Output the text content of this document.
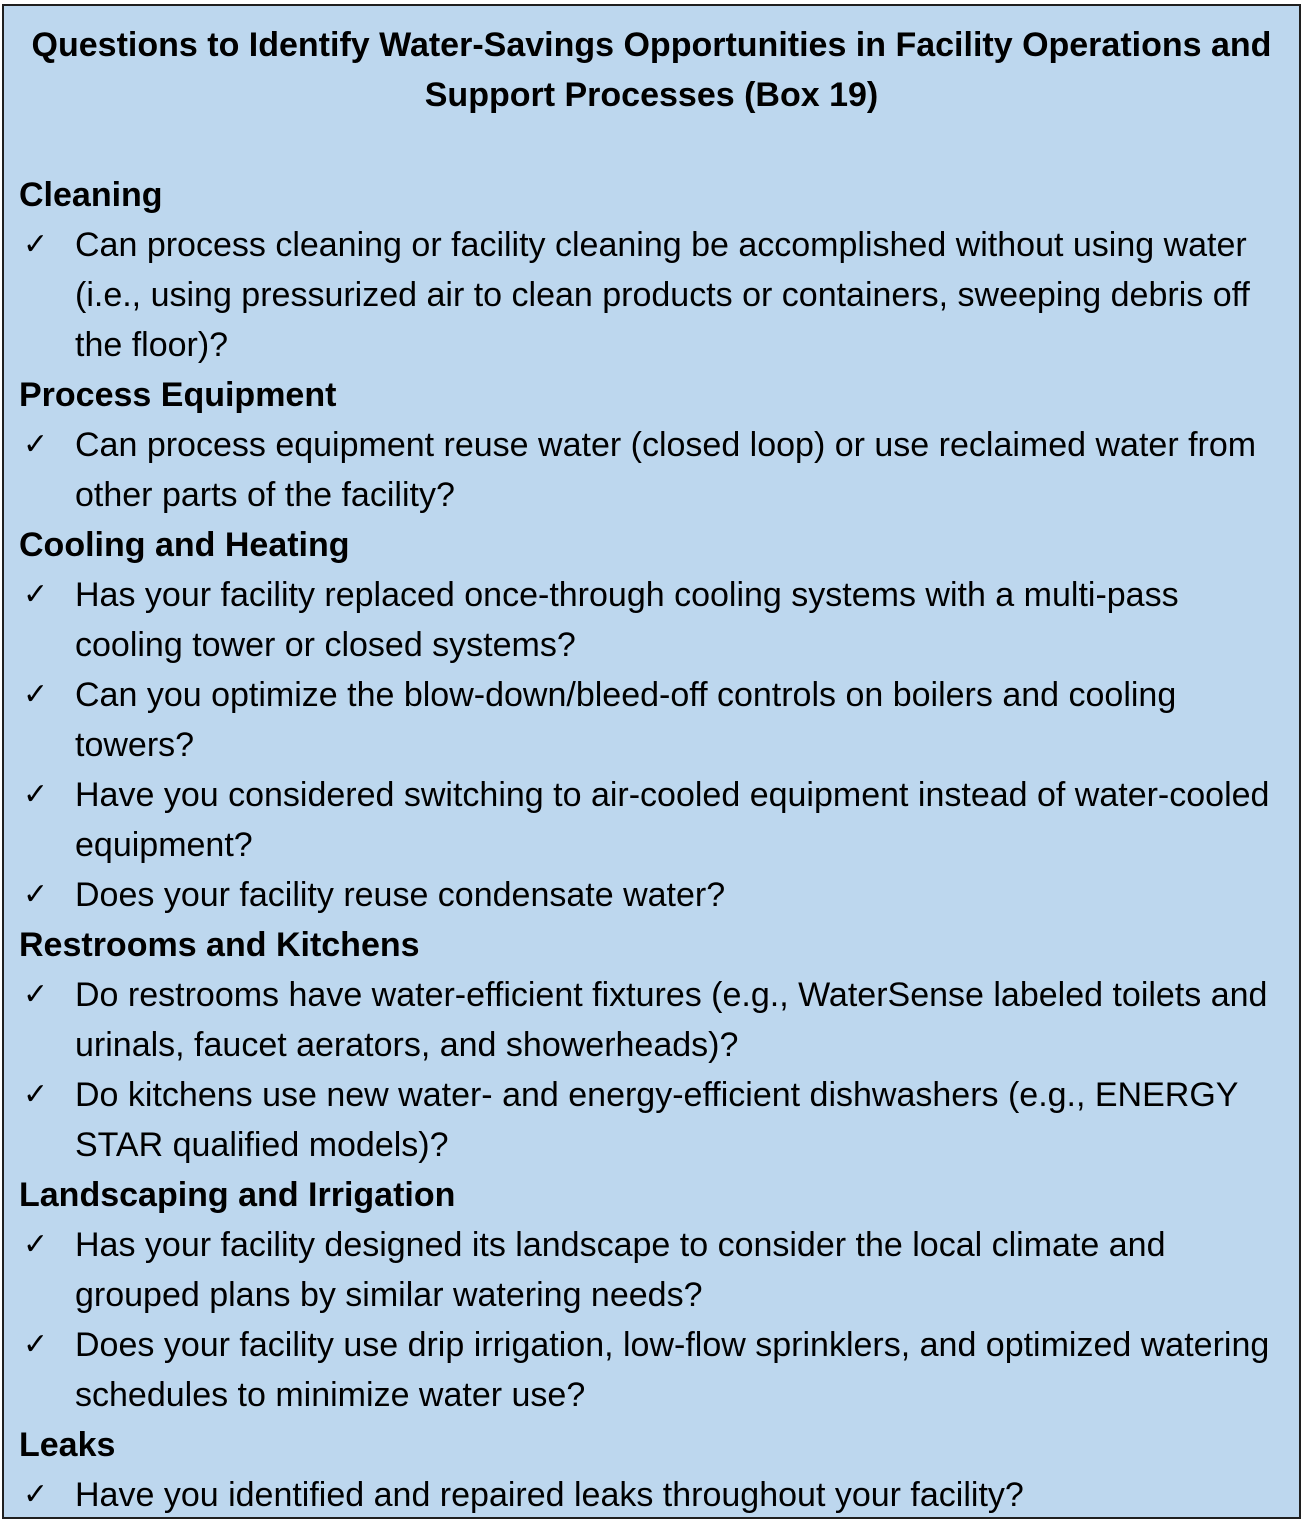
Questions to Identify Water-Savings Opportunities in Facility Operations and Support Processes (Box 19)
Cleaning
✓ Can process cleaning or facility cleaning be accomplished without using water (i.e., using pressurized air to clean products or containers, sweeping debris off the floor)?
Process Equipment
✓ Can process equipment reuse water (closed loop) or use reclaimed water from other parts of the facility?
Cooling and Heating
✓ Has your facility replaced once-through cooling systems with a multi-pass cooling tower or closed systems?
✓ Can you optimize the blow-down/bleed-off controls on boilers and cooling towers?
✓ Have you considered switching to air-cooled equipment instead of water-cooled equipment?
✓ Does your facility reuse condensate water?
Restrooms and Kitchens
✓ Do restrooms have water-efficient fixtures (e.g., WaterSense labeled toilets and urinals, faucet aerators, and showerheads)?
✓ Do kitchens use new water- and energy-efficient dishwashers (e.g., ENERGY STAR qualified models)?
Landscaping and Irrigation
✓ Has your facility designed its landscape to consider the local climate and grouped plans by similar watering needs?
✓ Does your facility use drip irrigation, low-flow sprinklers, and optimized watering schedules to minimize water use?
Leaks
✓ Have you identified and repaired leaks throughout your facility?
